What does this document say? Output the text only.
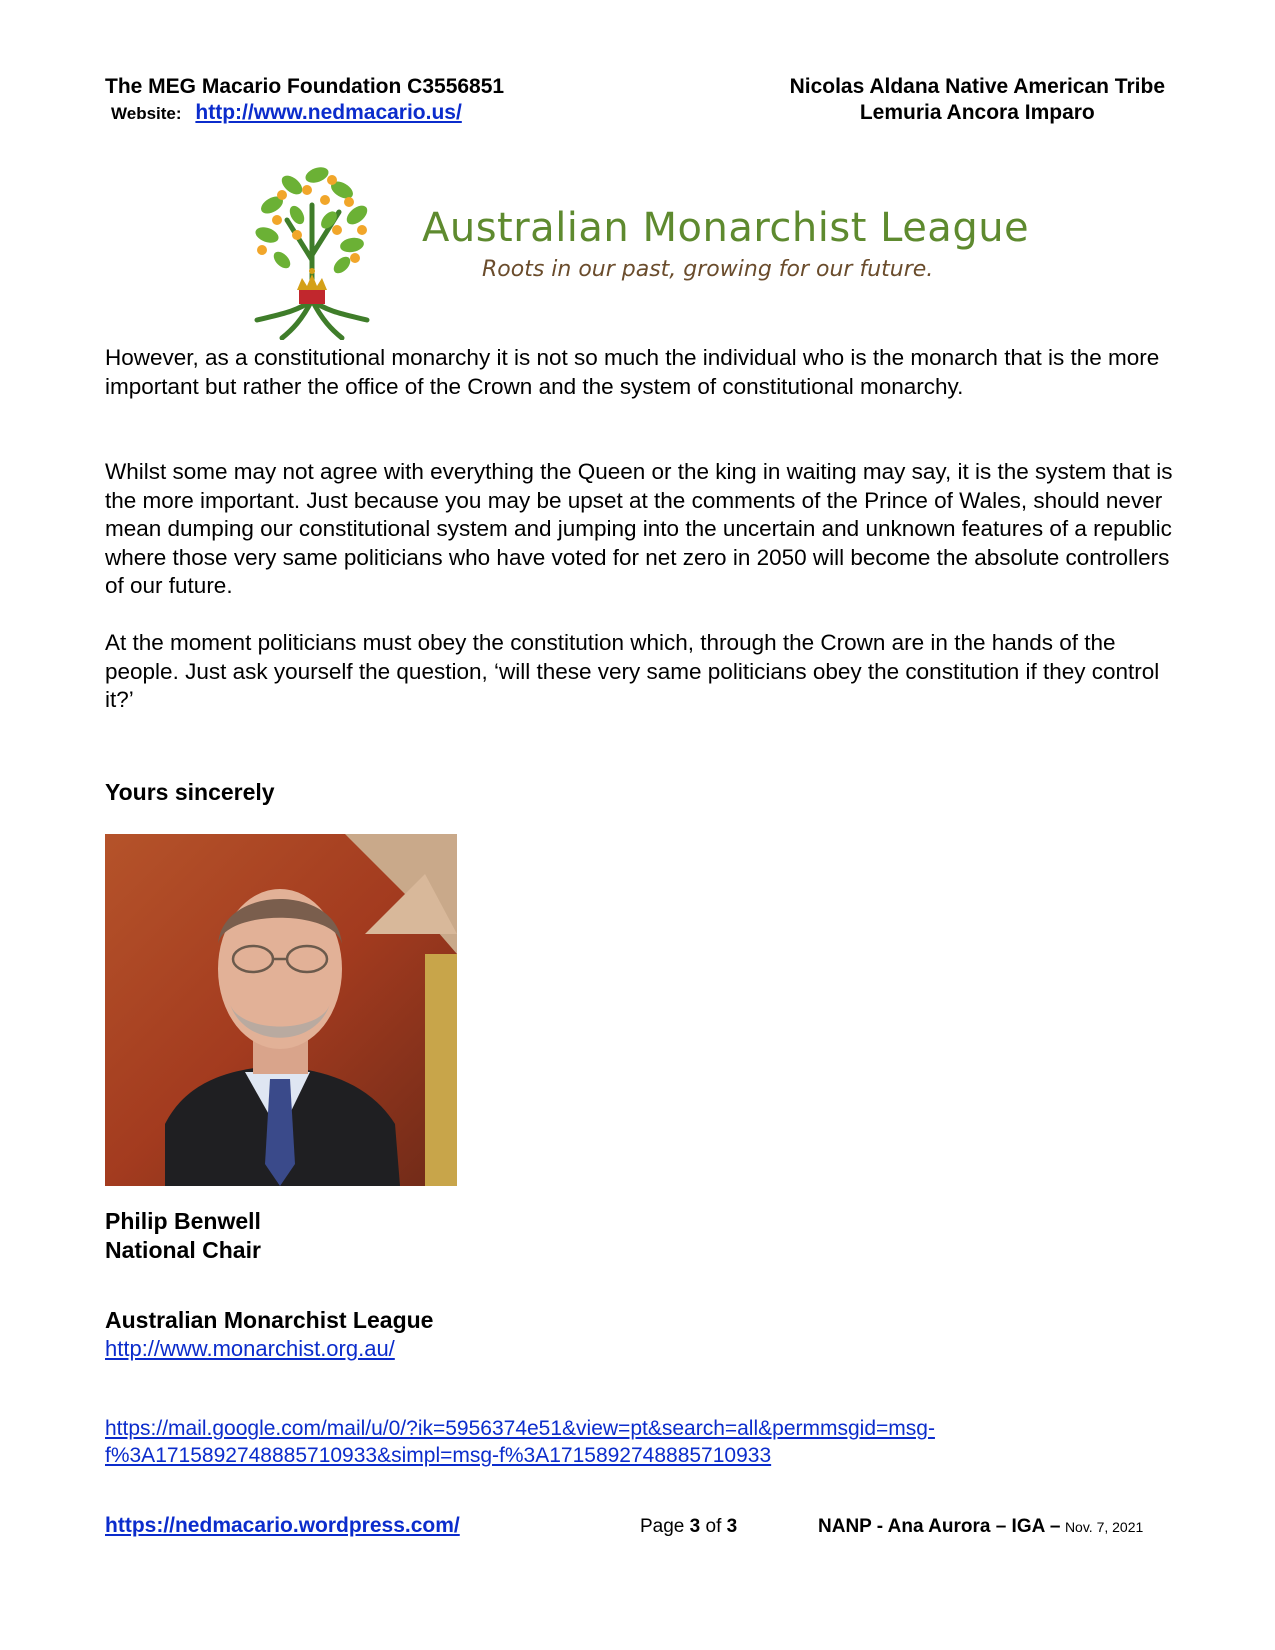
The MEG Macario Foundation C3556851
Website: http://www.nedmacario.us/
Nicolas Aldana Native American Tribe
Lemuria Ancora Imparo
Australian Monarchist League
Roots in our past, growing for our future.

However, as a constitutional monarchy it is not so much the individual who is the monarch that is the more important but rather the office of the Crown and the system of constitutional monarchy.

Whilst some may not agree with everything the Queen or the king in waiting may say, it is the system that is the more important. Just because you may be upset at the comments of the Prince of Wales, should never mean dumping our constitutional system and jumping into the uncertain and unknown features of a republic where those very same politicians who have voted for net zero in 2050 will become the absolute controllers of our future.

At the moment politicians must obey the constitution which, through the Crown are in the hands of the people. Just ask yourself the question, ‘will these very same politicians obey the constitution if they control it?’

Yours sincerely
Philip Benwell
National Chair
Australian Monarchist League
http://www.monarchist.org.au/
https://mail.google.com/mail/u/0/?ik=5956374e51&view=pt&search=all&permmsgid=msg-
f%3A1715892748885710933&simpl=msg-f%3A1715892748885710933
https://nedmacario.wordpress.com/	Page 3 of 3	NANP - Ana Aurora – IGA – Nov. 7, 2021
